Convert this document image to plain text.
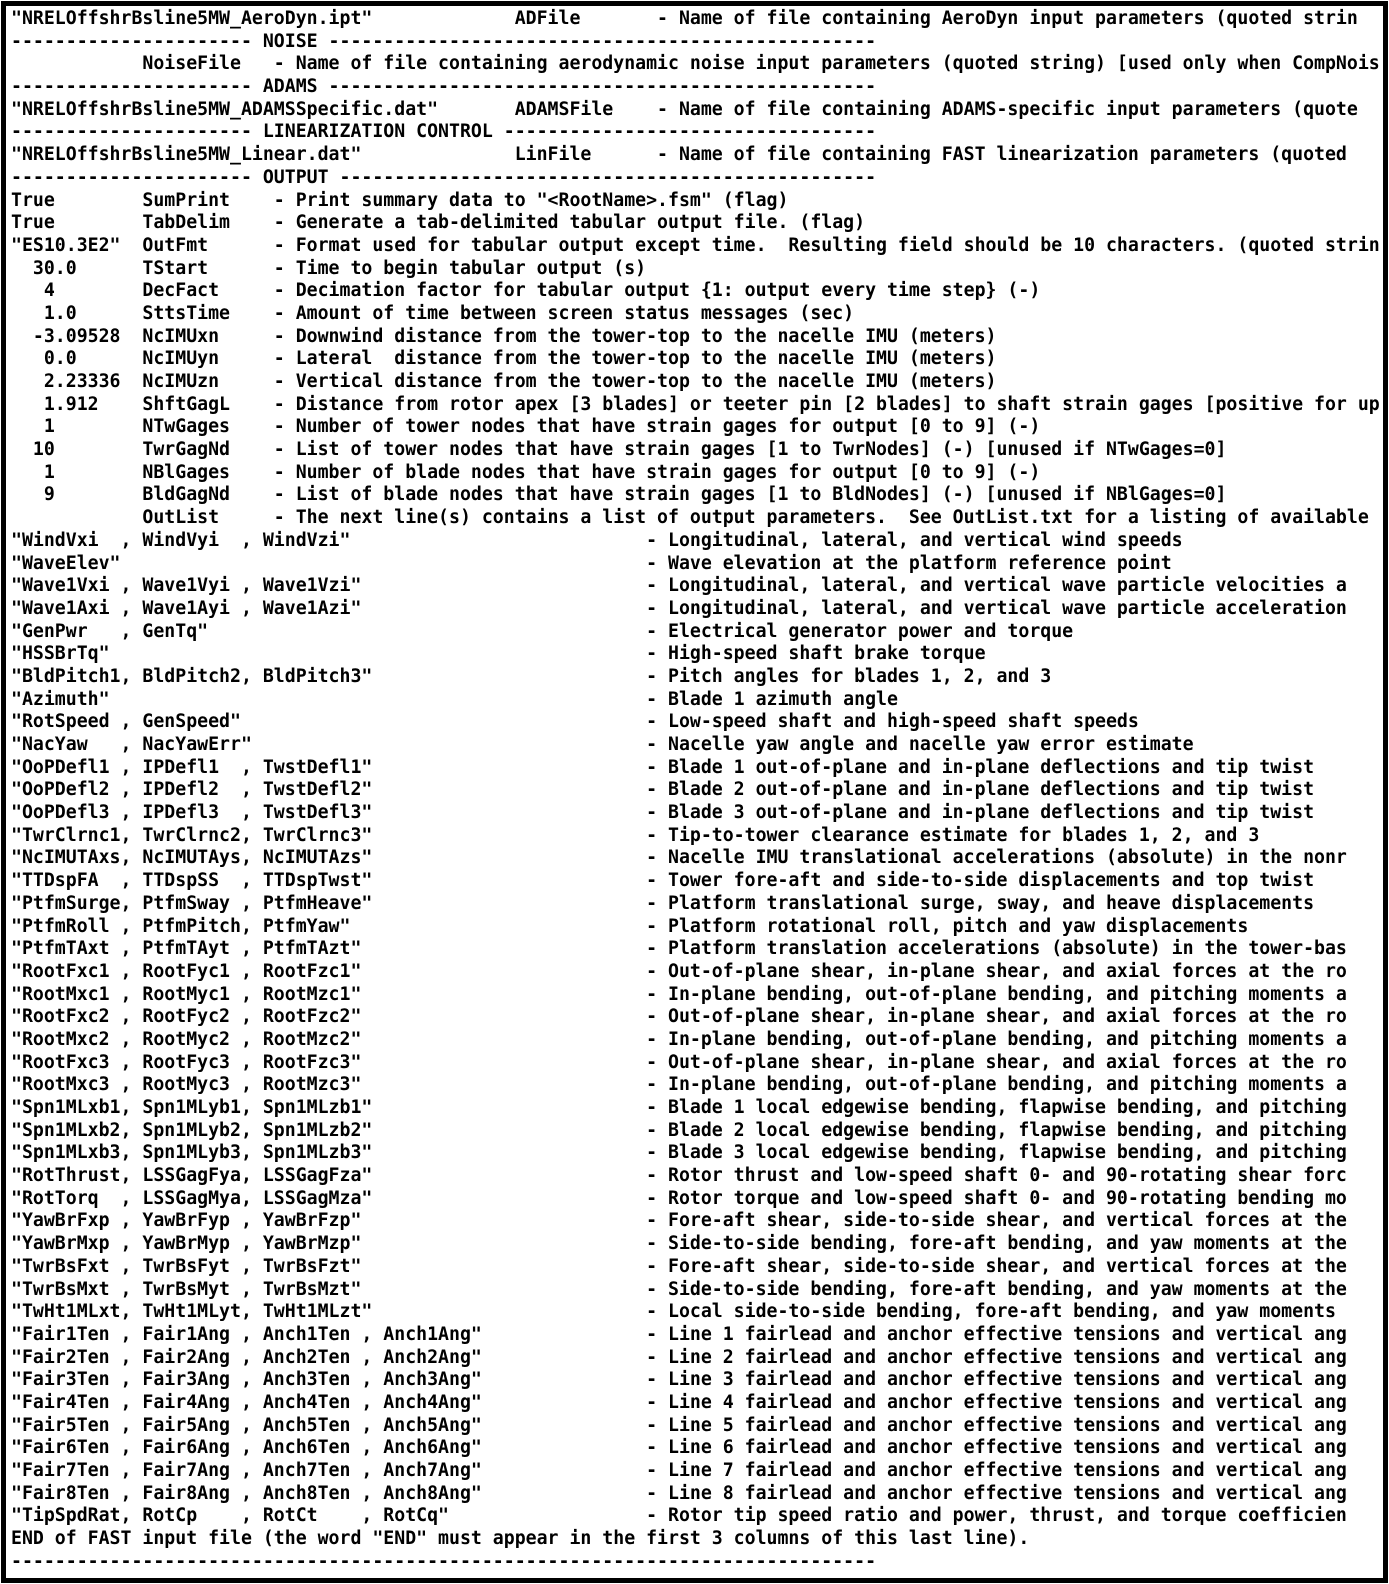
"NRELOffshrBsline5MW_AeroDyn.ipt"             ADFile       - Name of file containing AeroDyn input parameters (quoted strin
---------------------- NOISE --------------------------------------------------
NoiseFile   - Name of file containing aerodynamic noise input parameters (quoted string) [used only when CompNois
---------------------- ADAMS --------------------------------------------------
"NRELOffshrBsline5MW_ADAMSSpecific.dat"       ADAMSFile    - Name of file containing ADAMS-specific input parameters (quote
---------------------- LINEARIZATION CONTROL ----------------------------------
"NRELOffshrBsline5MW_Linear.dat"              LinFile      - Name of file containing FAST linearization parameters (quoted
---------------------- OUTPUT -------------------------------------------------
True        SumPrint    - Print summary data to "<RootName>.fsm" (flag)
True        TabDelim    - Generate a tab-delimited tabular output file. (flag)
"ES10.3E2"  OutFmt      - Format used for tabular output except time.  Resulting field should be 10 characters. (quoted strin
30.0      TStart      - Time to begin tabular output (s)
4        DecFact     - Decimation factor for tabular output {1: output every time step} (-)
1.0      SttsTime    - Amount of time between screen status messages (sec)
-3.09528  NcIMUxn     - Downwind distance from the tower-top to the nacelle IMU (meters)
0.0      NcIMUyn     - Lateral  distance from the tower-top to the nacelle IMU (meters)
2.23336  NcIMUzn     - Vertical distance from the tower-top to the nacelle IMU (meters)
1.912    ShftGagL    - Distance from rotor apex [3 blades] or teeter pin [2 blades] to shaft strain gages [positive for up
1        NTwGages    - Number of tower nodes that have strain gages for output [0 to 9] (-)
10        TwrGagNd    - List of tower nodes that have strain gages [1 to TwrNodes] (-) [unused if NTwGages=0]
1        NBlGages    - Number of blade nodes that have strain gages for output [0 to 9] (-)
9        BldGagNd    - List of blade nodes that have strain gages [1 to BldNodes] (-) [unused if NBlGages=0]
OutList     - The next line(s) contains a list of output parameters.  See OutList.txt for a listing of available
"WindVxi  , WindVyi  , WindVzi"                           - Longitudinal, lateral, and vertical wind speeds
"WaveElev"                                                - Wave elevation at the platform reference point
"Wave1Vxi , Wave1Vyi , Wave1Vzi"                          - Longitudinal, lateral, and vertical wave particle velocities a
"Wave1Axi , Wave1Ayi , Wave1Azi"                          - Longitudinal, lateral, and vertical wave particle acceleration
"GenPwr   , GenTq"                                        - Electrical generator power and torque
"HSSBrTq"                                                 - High-speed shaft brake torque
"BldPitch1, BldPitch2, BldPitch3"                         - Pitch angles for blades 1, 2, and 3
"Azimuth"                                                 - Blade 1 azimuth angle
"RotSpeed , GenSpeed"                                     - Low-speed shaft and high-speed shaft speeds
"NacYaw   , NacYawErr"                                    - Nacelle yaw angle and nacelle yaw error estimate
"OoPDefl1 , IPDefl1  , TwstDefl1"                         - Blade 1 out-of-plane and in-plane deflections and tip twist
"OoPDefl2 , IPDefl2  , TwstDefl2"                         - Blade 2 out-of-plane and in-plane deflections and tip twist
"OoPDefl3 , IPDefl3  , TwstDefl3"                         - Blade 3 out-of-plane and in-plane deflections and tip twist
"TwrClrnc1, TwrClrnc2, TwrClrnc3"                         - Tip-to-tower clearance estimate for blades 1, 2, and 3
"NcIMUTAxs, NcIMUTAys, NcIMUTAzs"                         - Nacelle IMU translational accelerations (absolute) in the nonr
"TTDspFA  , TTDspSS  , TTDspTwst"                         - Tower fore-aft and side-to-side displacements and top twist
"PtfmSurge, PtfmSway , PtfmHeave"                         - Platform translational surge, sway, and heave displacements
"PtfmRoll , PtfmPitch, PtfmYaw"                           - Platform rotational roll, pitch and yaw displacements
"PtfmTAxt , PtfmTAyt , PtfmTAzt"                          - Platform translation accelerations (absolute) in the tower-bas
"RootFxc1 , RootFyc1 , RootFzc1"                          - Out-of-plane shear, in-plane shear, and axial forces at the ro
"RootMxc1 , RootMyc1 , RootMzc1"                          - In-plane bending, out-of-plane bending, and pitching moments a
"RootFxc2 , RootFyc2 , RootFzc2"                          - Out-of-plane shear, in-plane shear, and axial forces at the ro
"RootMxc2 , RootMyc2 , RootMzc2"                          - In-plane bending, out-of-plane bending, and pitching moments a
"RootFxc3 , RootFyc3 , RootFzc3"                          - Out-of-plane shear, in-plane shear, and axial forces at the ro
"RootMxc3 , RootMyc3 , RootMzc3"                          - In-plane bending, out-of-plane bending, and pitching moments a
"Spn1MLxb1, Spn1MLyb1, Spn1MLzb1"                         - Blade 1 local edgewise bending, flapwise bending, and pitching
"Spn1MLxb2, Spn1MLyb2, Spn1MLzb2"                         - Blade 2 local edgewise bending, flapwise bending, and pitching
"Spn1MLxb3, Spn1MLyb3, Spn1MLzb3"                         - Blade 3 local edgewise bending, flapwise bending, and pitching
"RotThrust, LSSGagFya, LSSGagFza"                         - Rotor thrust and low-speed shaft 0- and 90-rotating shear forc
"RotTorq  , LSSGagMya, LSSGagMza"                         - Rotor torque and low-speed shaft 0- and 90-rotating bending mo
"YawBrFxp , YawBrFyp , YawBrFzp"                          - Fore-aft shear, side-to-side shear, and vertical forces at the
"YawBrMxp , YawBrMyp , YawBrMzp"                          - Side-to-side bending, fore-aft bending, and yaw moments at the
"TwrBsFxt , TwrBsFyt , TwrBsFzt"                          - Fore-aft shear, side-to-side shear, and vertical forces at the
"TwrBsMxt , TwrBsMyt , TwrBsMzt"                          - Side-to-side bending, fore-aft bending, and yaw moments at the
"TwHt1MLxt, TwHt1MLyt, TwHt1MLzt"                         - Local side-to-side bending, fore-aft bending, and yaw moments
"Fair1Ten , Fair1Ang , Anch1Ten , Anch1Ang"               - Line 1 fairlead and anchor effective tensions and vertical ang
"Fair2Ten , Fair2Ang , Anch2Ten , Anch2Ang"               - Line 2 fairlead and anchor effective tensions and vertical ang
"Fair3Ten , Fair3Ang , Anch3Ten , Anch3Ang"               - Line 3 fairlead and anchor effective tensions and vertical ang
"Fair4Ten , Fair4Ang , Anch4Ten , Anch4Ang"               - Line 4 fairlead and anchor effective tensions and vertical ang
"Fair5Ten , Fair5Ang , Anch5Ten , Anch5Ang"               - Line 5 fairlead and anchor effective tensions and vertical ang
"Fair6Ten , Fair6Ang , Anch6Ten , Anch6Ang"               - Line 6 fairlead and anchor effective tensions and vertical ang
"Fair7Ten , Fair7Ang , Anch7Ten , Anch7Ang"               - Line 7 fairlead and anchor effective tensions and vertical ang
"Fair8Ten , Fair8Ang , Anch8Ten , Anch8Ang"               - Line 8 fairlead and anchor effective tensions and vertical ang
"TipSpdRat, RotCp    , RotCt    , RotCq"                  - Rotor tip speed ratio and power, thrust, and torque coefficien
END of FAST input file (the word "END" must appear in the first 3 columns of this last line).
-------------------------------------------------------------------------------
